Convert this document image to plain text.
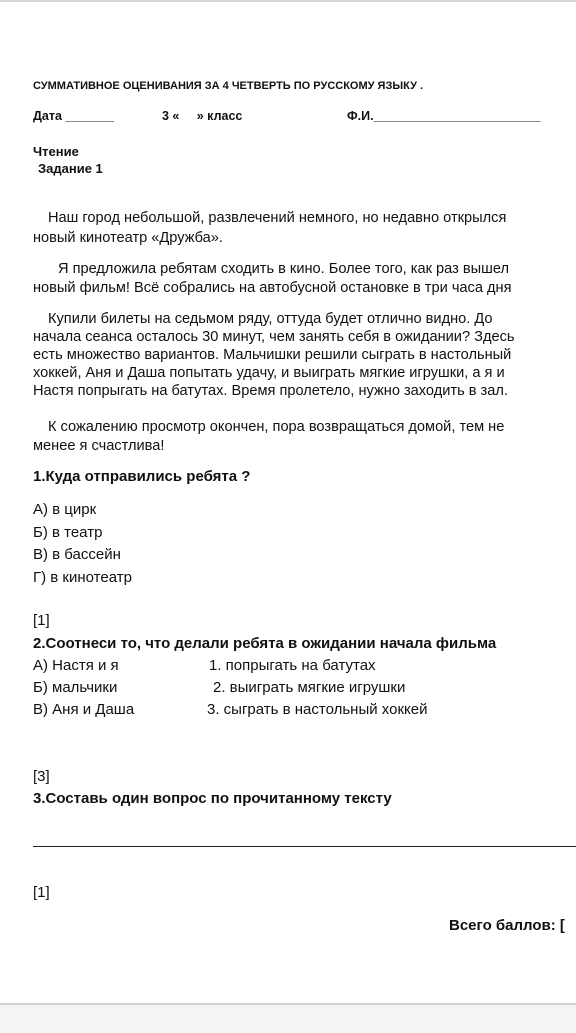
СУММАТИВНОЕ ОЦЕНИВАНИЯ ЗА 4 ЧЕТВЕРТЬ ПО РУССКОМУ ЯЗЫКУ .
Дата _______	3 «     » класс	Ф.И.________________________
Чтение
Задание 1
Наш город небольшой, развлечений немного, но недавно открылся
новый кинотеатр «Дружба».
Я предложила ребятам сходить в кино. Более того, как раз вышел
новый фильм! Всё собрались на автобусной остановке в три часа дня
Купили билеты на седьмом ряду, оттуда будет отлично видно. До
начала сеанса осталось 30 минут, чем занять себя в ожидании? Здесь
есть множество вариантов. Мальчишки решили сыграть в настольный
хоккей, Аня и Даша попытать удачу, и выиграть мягкие игрушки, а я и
Настя попрыгать на батутах. Время пролетело, нужно заходить в зал.
К сожалению просмотр окончен, пора возвращаться домой, тем не
менее я счастлива!
1.Куда отправились ребята ?
А) в цирк
Б) в театр
В) в бассейн
Г) в кинотеатр
[1]
2.Соотнеси то, что делали ребята в ожидании начала фильма
А) Настя и я
Б) мальчики
В) Аня и Даша
1. попрыгать на батутах
2. выиграть мягкие игрушки
3. сыграть в настольный хоккей
[3]
3.Составь один вопрос по прочитанному тексту
[1]
Всего баллов: [
